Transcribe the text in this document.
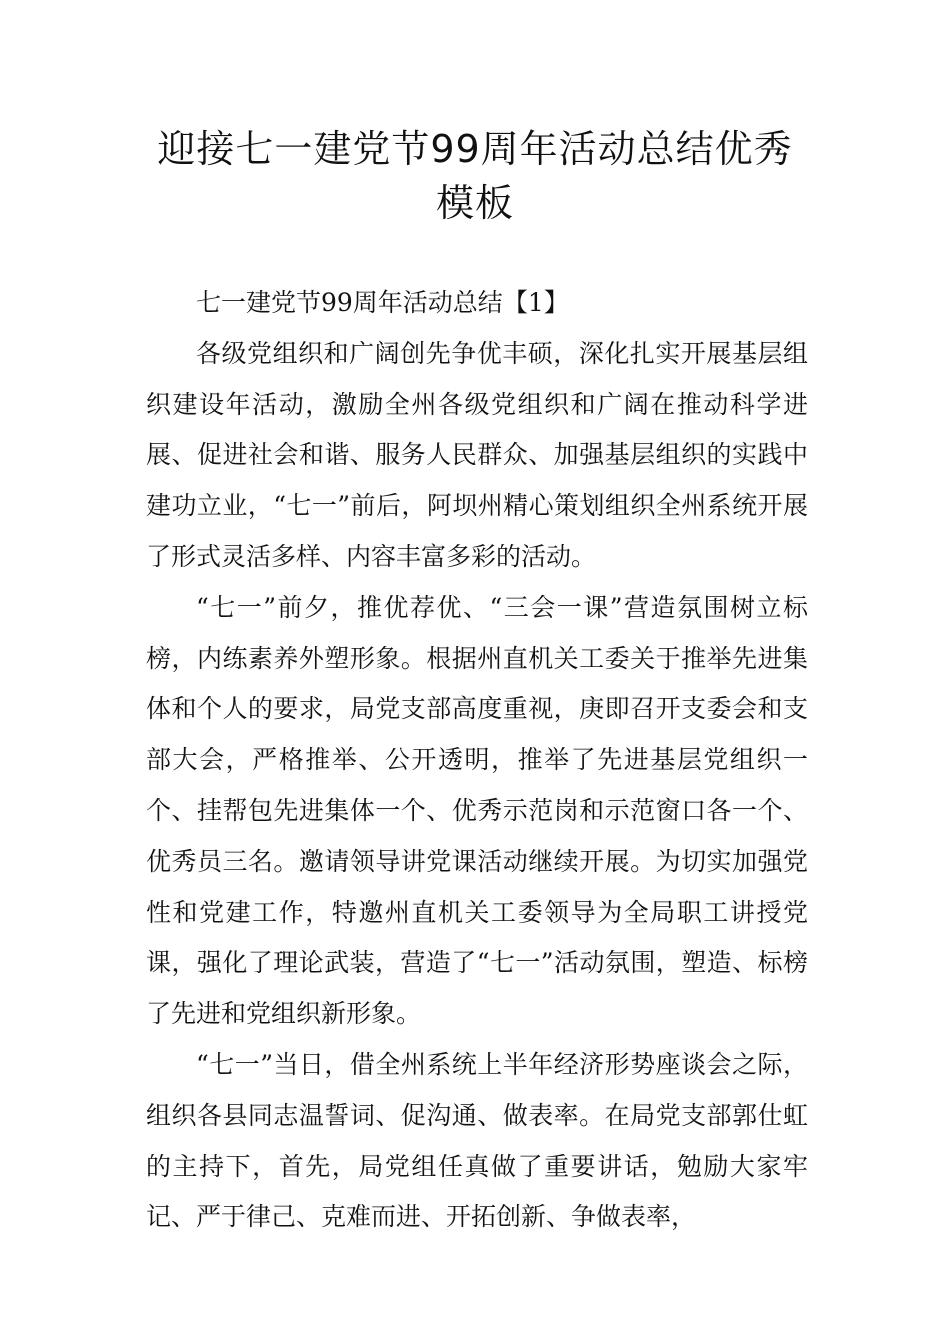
迎接七一建党节99周年活动总结优秀
模板

七一建党节99周年活动总结【1】

各级党组织和广阔创先争优丰硕，深化扎实开展基层组织建设年活动，激励全州各级党组织和广阔在推动科学进展、促进社会和谐、服务人民群众、加强基层组织的实践中建功立业，“七一”前后，阿坝州精心策划组织全州系统开展了形式灵活多样、内容丰富多彩的活动。

“七一”前夕，推优荐优、“三会一课”营造氛围树立标榜，内练素养外塑形象。根据州直机关工委关于推举先进集体和个人的要求，局党支部高度重视，庚即召开支委会和支部大会，严格推举、公开透明，推举了先进基层党组织一个、挂帮包先进集体一个、优秀示范岗和示范窗口各一个、优秀员三名。邀请领导讲党课活动继续开展。为切实加强党性和党建工作，特邀州直机关工委领导为全局职工讲授党课，强化了理论武装，营造了“七一”活动氛围，塑造、标榜了先进和党组织新形象。

“七一”当日，借全州系统上半年经济形势座谈会之际，组织各县同志温誓词、促沟通、做表率。在局党支部郭仕虹的主持下，首先，局党组任真做了重要讲话，勉励大家牢记、严于律己、克难而进、开拓创新、争做表率，
